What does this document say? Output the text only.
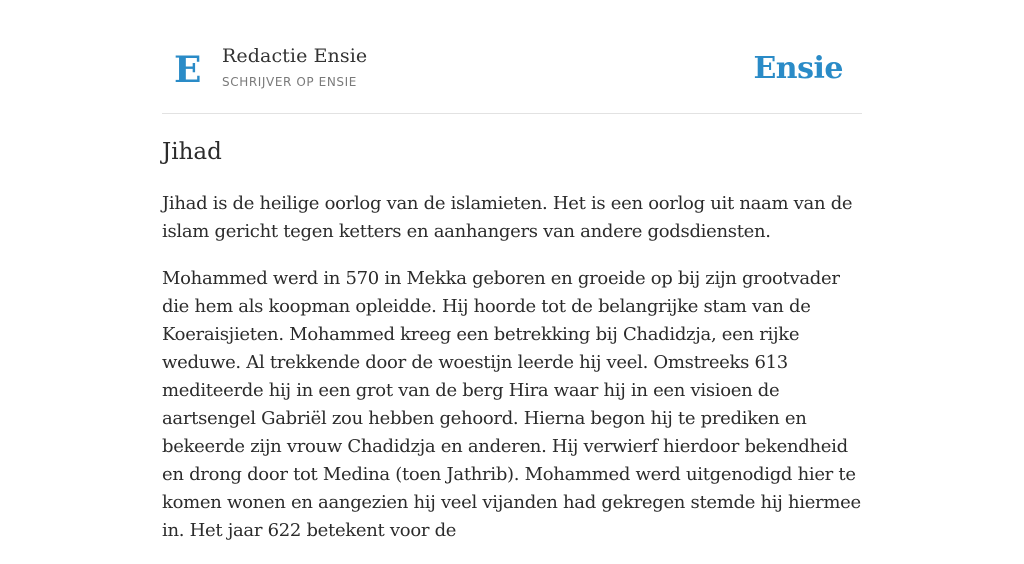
E Redactie Ensie
SCHRIJVER OP ENSIE	Ensie
Jihad

Jihad is de heilige oorlog van de islamieten. Het is een oorlog uit naam van de islam gericht tegen ketters en aanhangers van andere godsdiensten.

Mohammed werd in 570 in Mekka geboren en groeide op bij zijn grootvader die hem als koopman opleidde. Hij hoorde tot de belangrijke stam van de Koeraisjieten. Mohammed kreeg een betrekking bij Chadidzja, een rijke weduwe. Al trekkende door de woestijn leerde hij veel. Omstreeks 613 mediteerde hij in een grot van de berg Hira waar hij in een visioen de aartsengel Gabriël zou hebben gehoord. Hierna begon hij te prediken en bekeerde zijn vrouw Chadidzja en anderen. Hij verwierf hierdoor bekendheid en drong door tot Medina (toen Jathrib). Mohammed werd uitgenodigd hier te komen wonen en aangezien hij veel vijanden had gekregen stemde hij hiermee in. Het jaar 622 betekent voor de
